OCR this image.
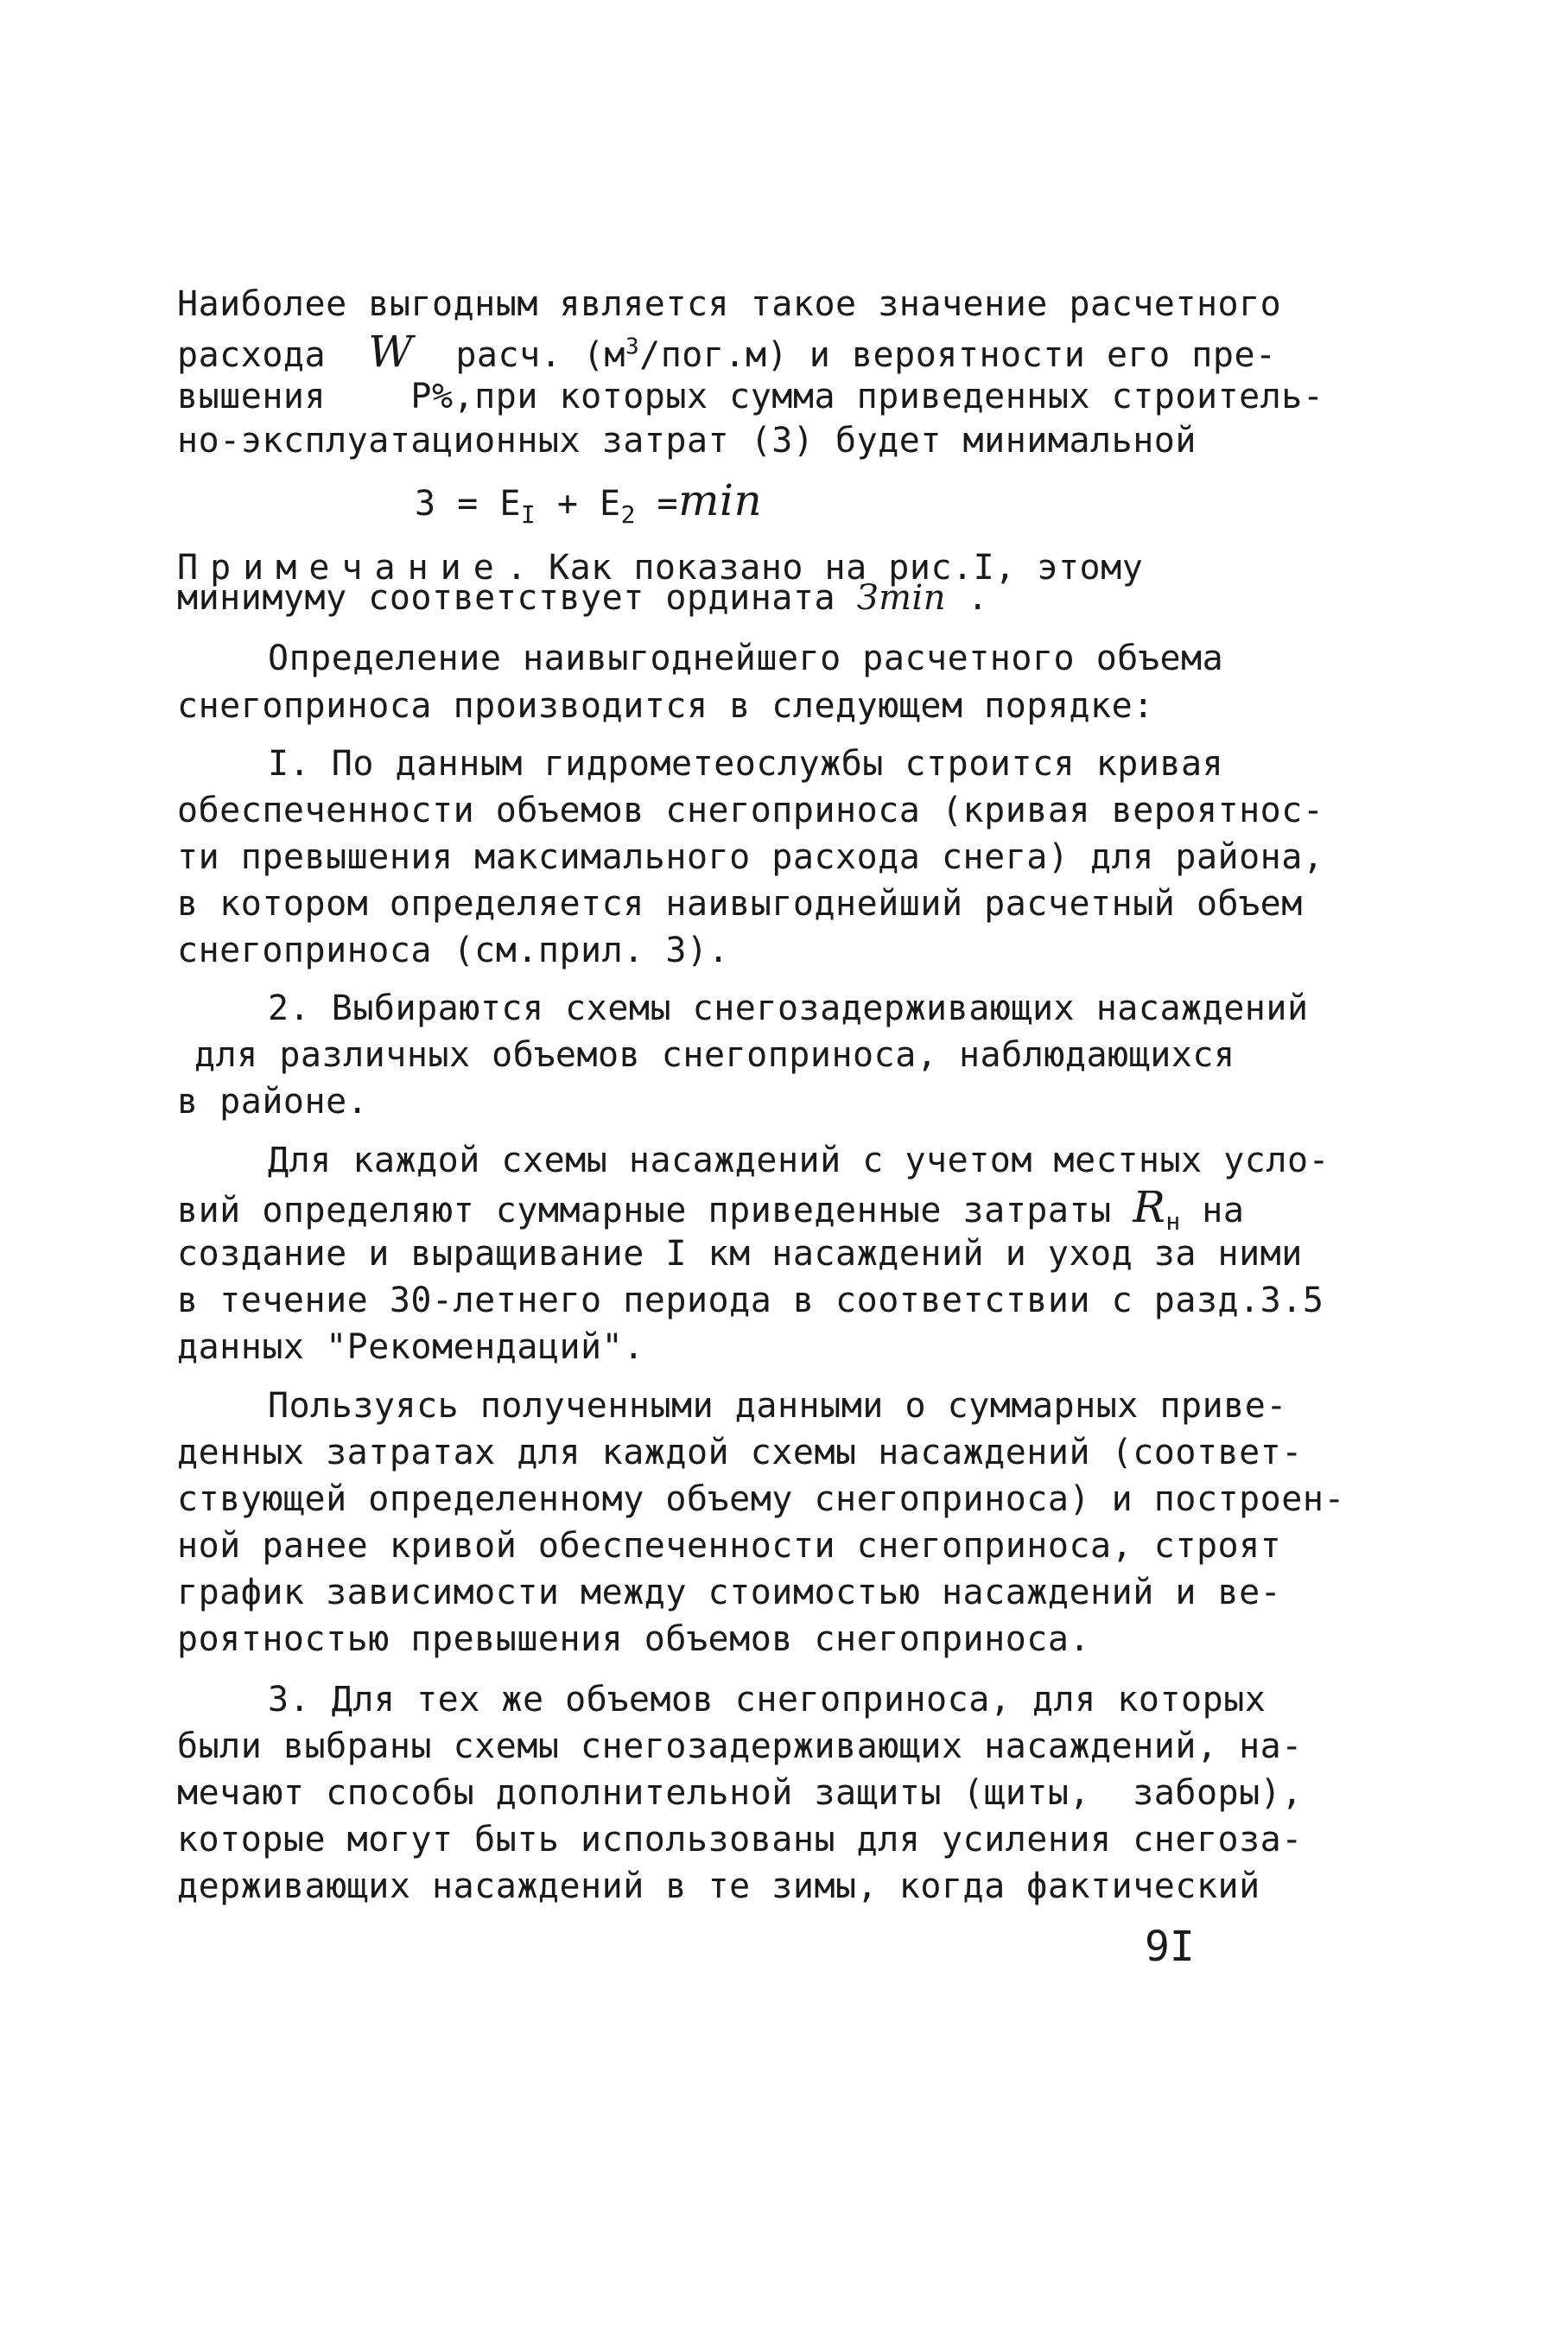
Наиболее выгодным является такое значение расчетного
расхода W расч. $(м^3/пог.м)$ и вероятности его пре-
вышения Р%,при которых сумма приведенных строитель-
но-эксплуатационных затрат (З) будет минимальной
$З = Е_I + Е_2 =\min$
Примечание. Как показано на рис.I, этому
минимуму соответствует ордината Зmin .
Определение наивыгоднейшего расчетного объема
снегоприноса производится в следующем порядке:
I. По данным гидрометеослужбы строится кривая
обеспеченности объемов снегоприноса (кривая вероятнос-
ти превышения максимального расхода снега) для района,
в котором определяется наивыгоднейший расчетный объем
снегоприноса (см.прил. 3).
2. Выбираются схемы снегозадерживающих насаждений
для различных объемов снегоприноса, наблюдающихся
в районе.
Для каждой схемы насаждений с учетом местных усло-
вий определяют суммарные приведенные затраты $R_н$ на
создание и выращивание I км насаждений и уход за ними
в течение 30-летнего периода в соответствии с разд.3.5
данных "Рекомендаций".
Пользуясь полученными данными о суммарных приве-
денных затратах для каждой схемы насаждений (соответ-
ствующей определенному объему снегоприноса) и построен-
ной ранее кривой обеспеченности снегоприноса, строят
график зависимости между стоимостью насаждений и ве-
роятностью превышения объемов снегоприноса.
3. Для тех же объемов снегоприноса, для которых
были выбраны схемы снегозадерживающих насаждений, на-
мечают способы дополнительной защиты (щиты,  заборы),
которые могут быть использованы для усиления снегоза-
держивающих насаждений в те зимы, когда фактический
9I
